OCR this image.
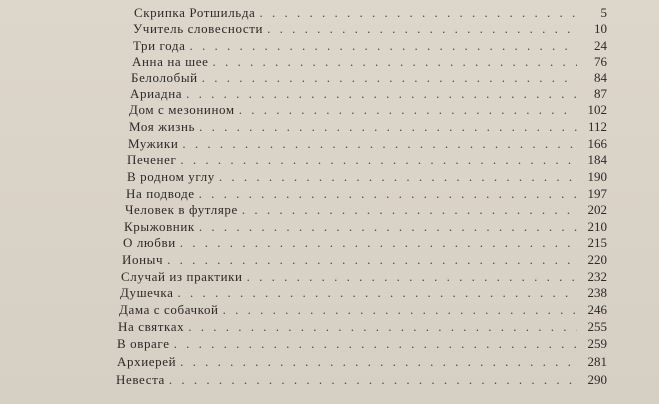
Скрипка Ротшильда . . .	5
Учитель словесности . . .	10
Три года . . .	24
Анна на шее . . .	76
Белолобый . . .	84
Ариадна . . .	87
Дом с мезонином . . .	102
Моя жизнь . . .	112
Мужики . . .	166
Печенег . . .	184
В родном углу . . .	190
На подводе . . .	197
Человек в футляре . . .	202
Крыжовник . . .	210
О любви . . .	215
Ионыч . . .	220
Случай из практики . . .	232
Душечка . . .	238
Дама с собачкой . . .	246
На святках . . .	255
В овраге . . .	259
Архиерей . . .	281
Невеста . . .	290
